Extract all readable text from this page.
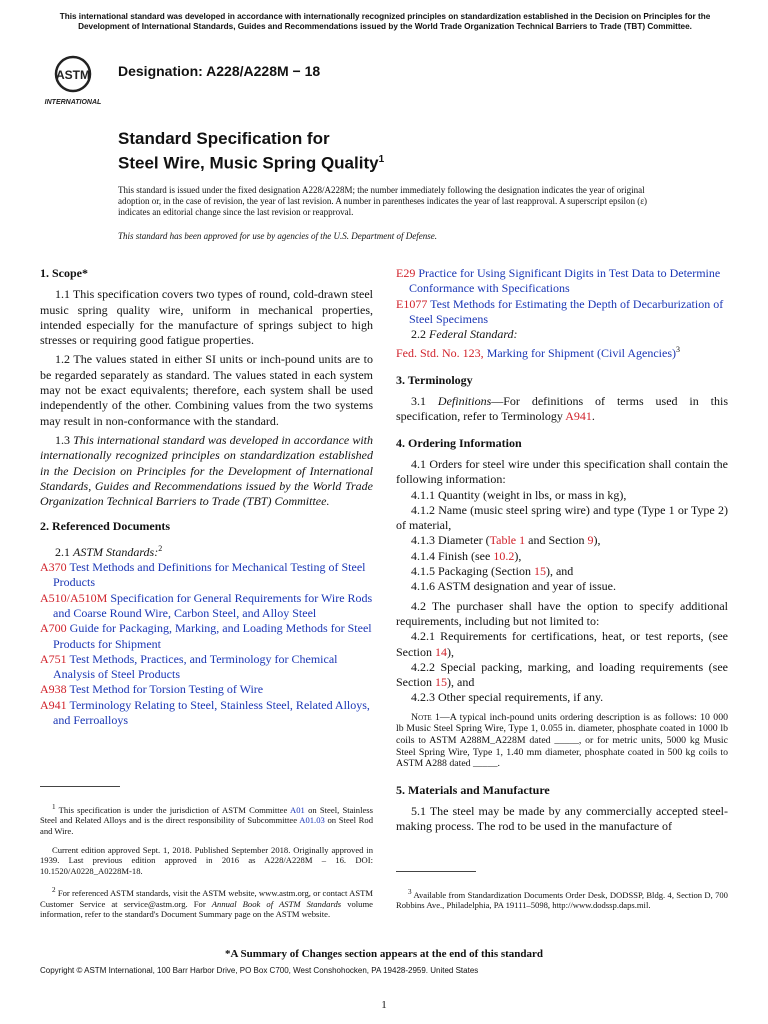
This international standard was developed in accordance with internationally recognized principles on standardization established in the Decision on Principles for the Development of International Standards, Guides and Recommendations issued by the World Trade Organization Technical Barriers to Trade (TBT) Committee.
ASTM
INTERNATIONAL
Designation: A228/A228M − 18
Standard Specification for
Steel Wire, Music Spring Quality$^1$
This standard is issued under the fixed designation A228/A228M; the number immediately following the designation indicates the year of original adoption or, in the case of revision, the year of last revision. A number in parentheses indicates the year of last reapproval. A superscript epsilon (ε) indicates an editorial change since the last revision or reapproval.
This standard has been approved for use by agencies of the U.S. Department of Defense.

1. Scope*

1.1 This specification covers two types of round, cold-drawn steel music spring quality wire, uniform in mechanical properties, intended especially for the manufacture of springs subject to high stresses or requiring good fatigue properties.

1.2 The values stated in either SI units or inch-pound units are to be regarded separately as standard. The values stated in each system may not be exact equivalents; therefore, each system shall be used independently of the other. Combining values from the two systems may result in non-conformance with the standard.

1.3 This international standard was developed in accordance with internationally recognized principles on standardization established in the Decision on Principles for the Development of International Standards, Guides and Recommendations issued by the World Trade Organization Technical Barriers to Trade (TBT) Committee.

2. Referenced Documents

2.1 ASTM Standards:$^2$

A370 Test Methods and Definitions for Mechanical Testing of Steel Products
A510/A510M Specification for General Requirements for Wire Rods and Coarse Round Wire, Carbon Steel, and Alloy Steel
A700 Guide for Packaging, Marking, and Loading Methods for Steel Products for Shipment
A751 Test Methods, Practices, and Terminology for Chemical Analysis of Steel Products
A938 Test Method for Torsion Testing of Wire
A941 Terminology Relating to Steel, Stainless Steel, Related Alloys, and Ferroalloys

$^1$ This specification is under the jurisdiction of ASTM Committee A01 on Steel, Stainless Steel and Related Alloys and is the direct responsibility of Subcommittee A01.03 on Steel Rod and Wire.

Current edition approved Sept. 1, 2018. Published September 2018. Originally approved in 1939. Last previous edition approved in 2016 as A228/A228M – 16. DOI: 10.1520/A0228_A0228M-18.

$^2$ For referenced ASTM standards, visit the ASTM website, www.astm.org, or contact ASTM Customer Service at service@astm.org. For Annual Book of ASTM Standards volume information, refer to the standard's Document Summary page on the ASTM website.

E29 Practice for Using Significant Digits in Test Data to Determine Conformance with Specifications
E1077 Test Methods for Estimating the Depth of Decarburization of Steel Specimens

2.2 Federal Standard:

Fed. Std. No. 123, Marking for Shipment (Civil Agencies)$^3$

3. Terminology

3.1 Definitions—For definitions of terms used in this specification, refer to Terminology A941.

4. Ordering Information

4.1 Orders for steel wire under this specification shall contain the following information:

4.1.1 Quantity (weight in lbs, or mass in kg),

4.1.2 Name (music steel spring wire) and type (Type 1 or Type 2) of material,

4.1.3 Diameter (Table 1 and Section 9),

4.1.4 Finish (see 10.2),

4.1.5 Packaging (Section 15), and

4.1.6 ASTM designation and year of issue.

4.2 The purchaser shall have the option to specify additional requirements, including but not limited to:

4.2.1 Requirements for certifications, heat, or test reports, (see Section 14),

4.2.2 Special packing, marking, and loading requirements (see Section 15), and

4.2.3 Other special requirements, if any.

Note 1—A typical inch-pound units ordering description is as follows: 10 000 lb Music Steel Spring Wire, Type 1, 0.055 in. diameter, phosphate coated in 1000 lb coils to ASTM A288M_A228M dated _____, or for metric units, 5000 kg Music Steel Spring Wire, Type 1, 1.40 mm diameter, phosphate coated in 500 kg coils to ASTM A288 dated _____.

5. Materials and Manufacture

5.1 The steel may be made by any commercially accepted steel-making process. The rod to be used in the manufacture of

$^3$ Available from Standardization Documents Order Desk, DODSSP, Bldg. 4, Section D, 700 Robbins Ave., Philadelphia, PA 19111–5098, http://www.dodssp.daps.mil.

*A Summary of Changes section appears at the end of this standard
Copyright © ASTM International, 100 Barr Harbor Drive, PO Box C700, West Conshohocken, PA 19428-2959. United States
1
